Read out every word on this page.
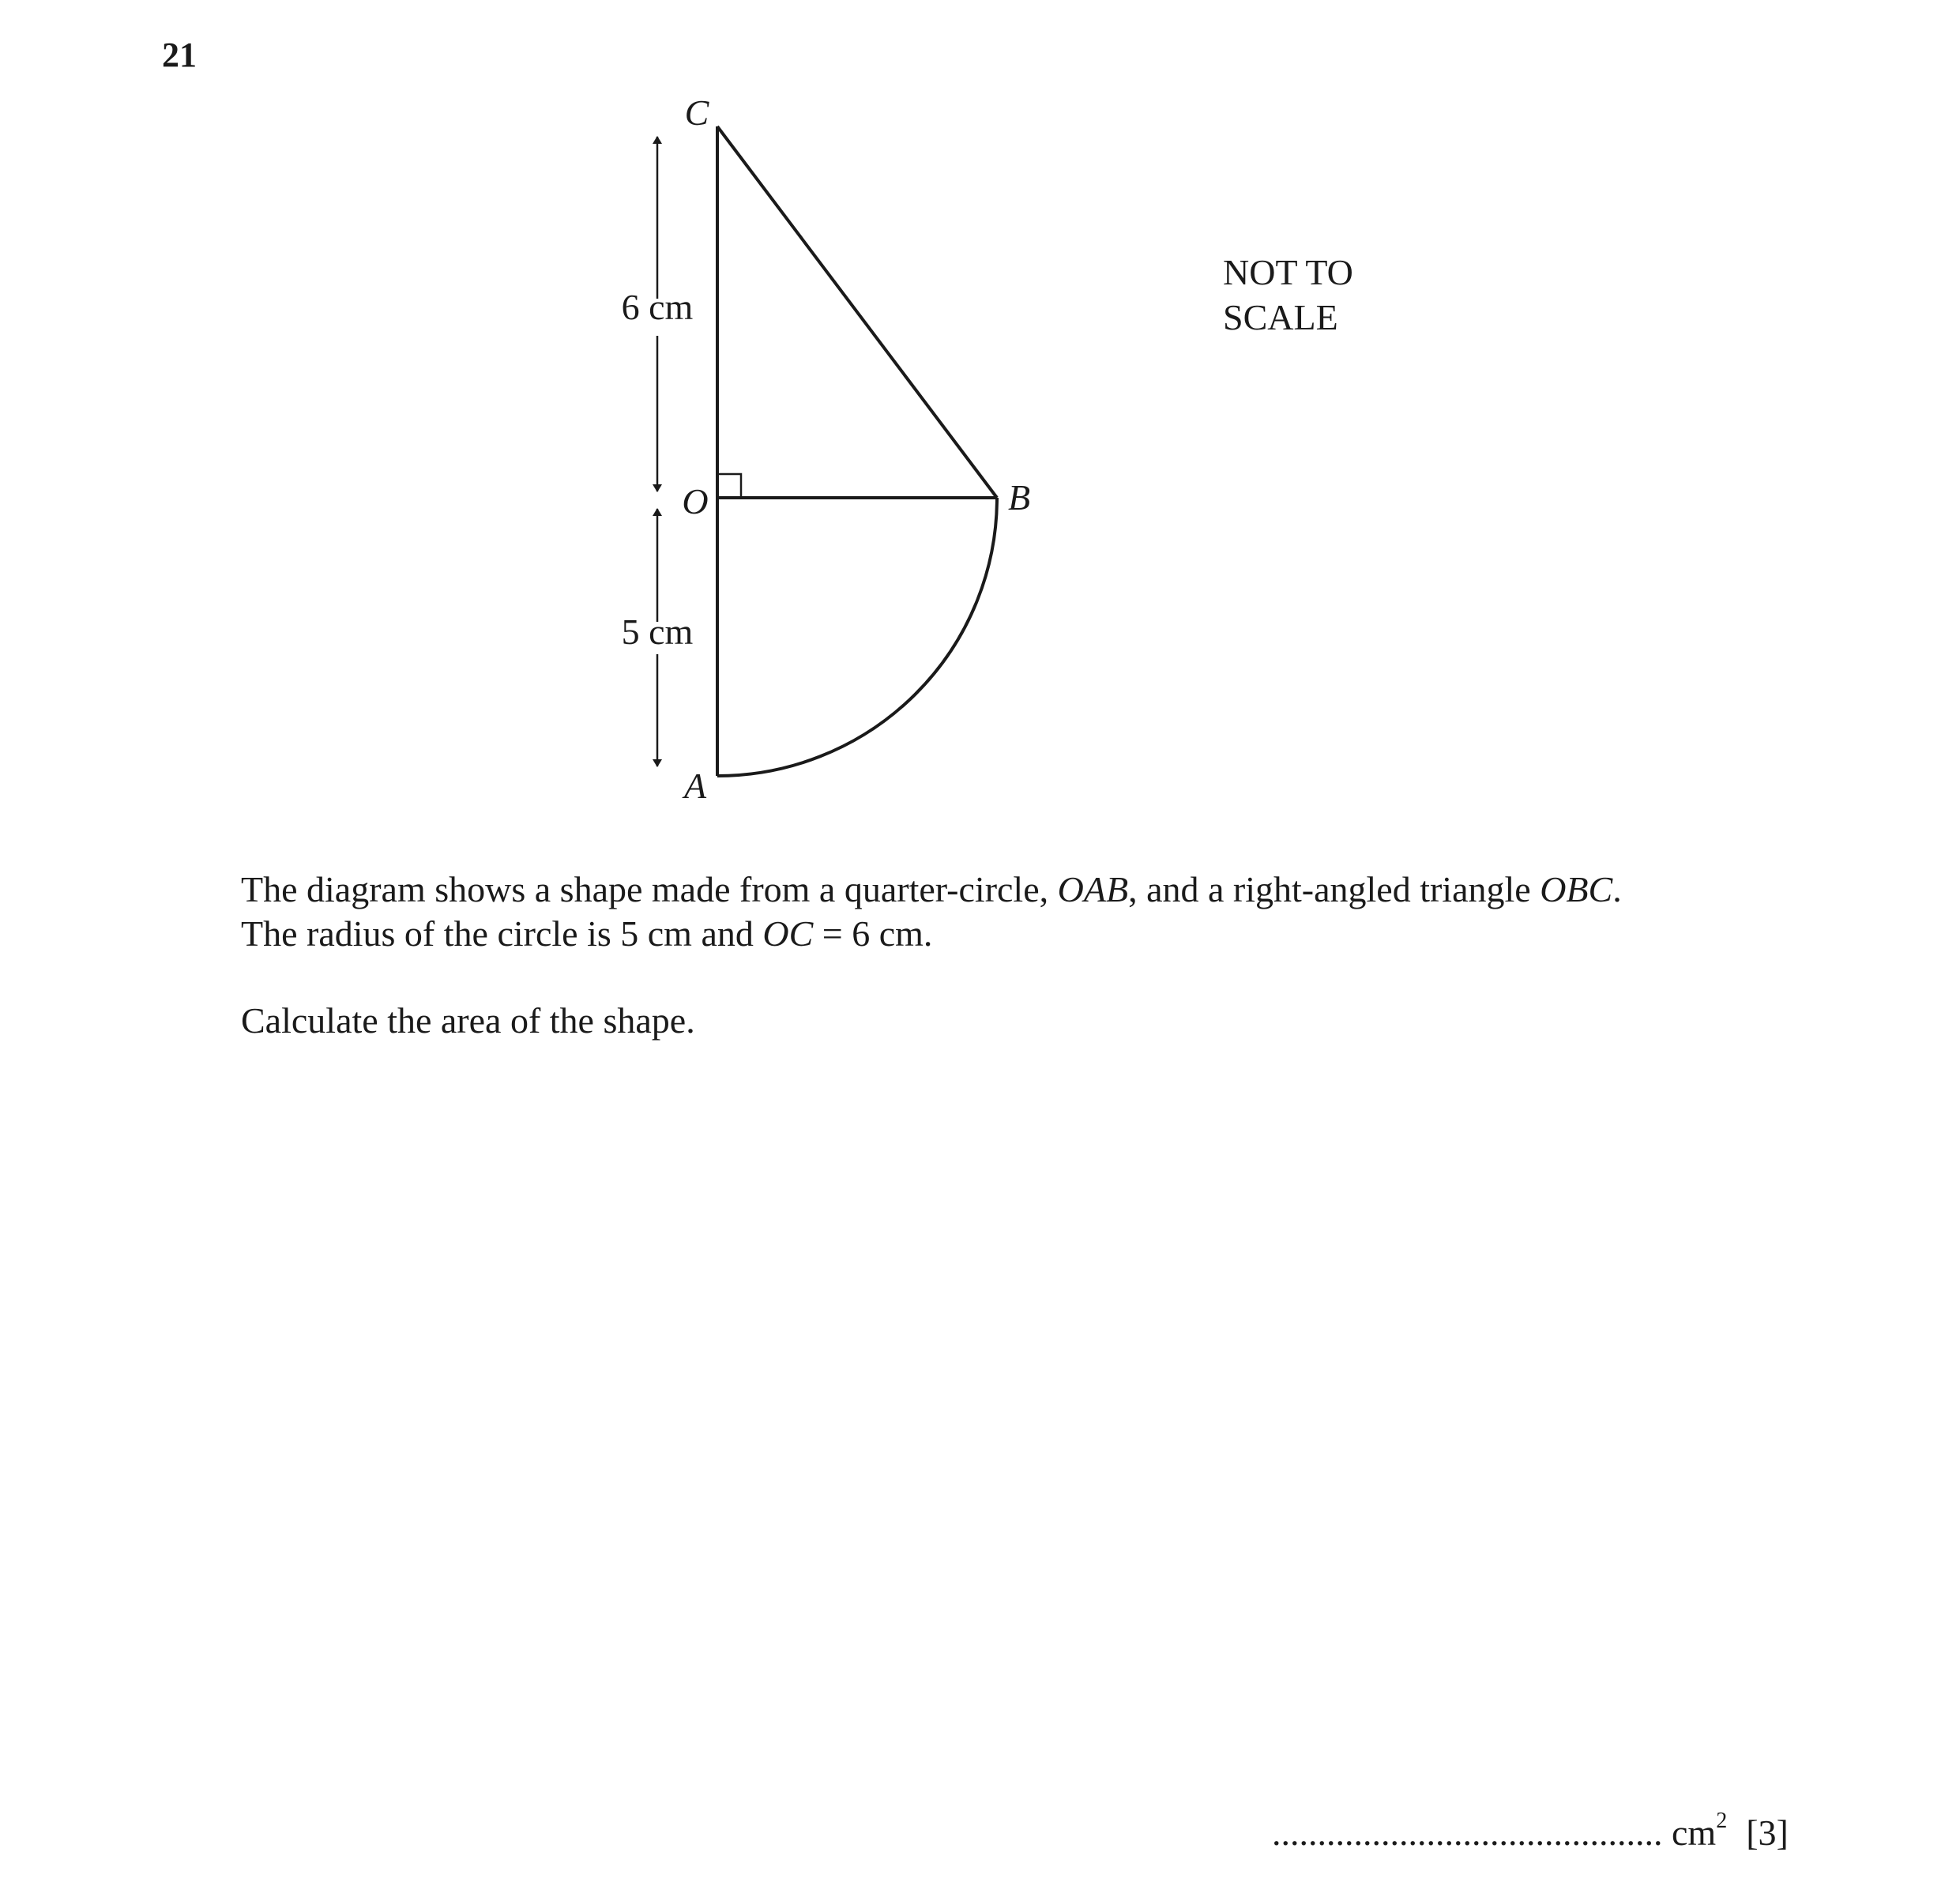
21
6 cm
5 cm
C
O	B
A
NOT TO
SCALE
The diagram shows a shape made from a quarter-circle, OAB, and a right-angled triangle OBC.
The radius of the circle is 5 cm and OC = 6 cm.
Calculate the area of the shape.
........................................... $cm^2$ [3]
